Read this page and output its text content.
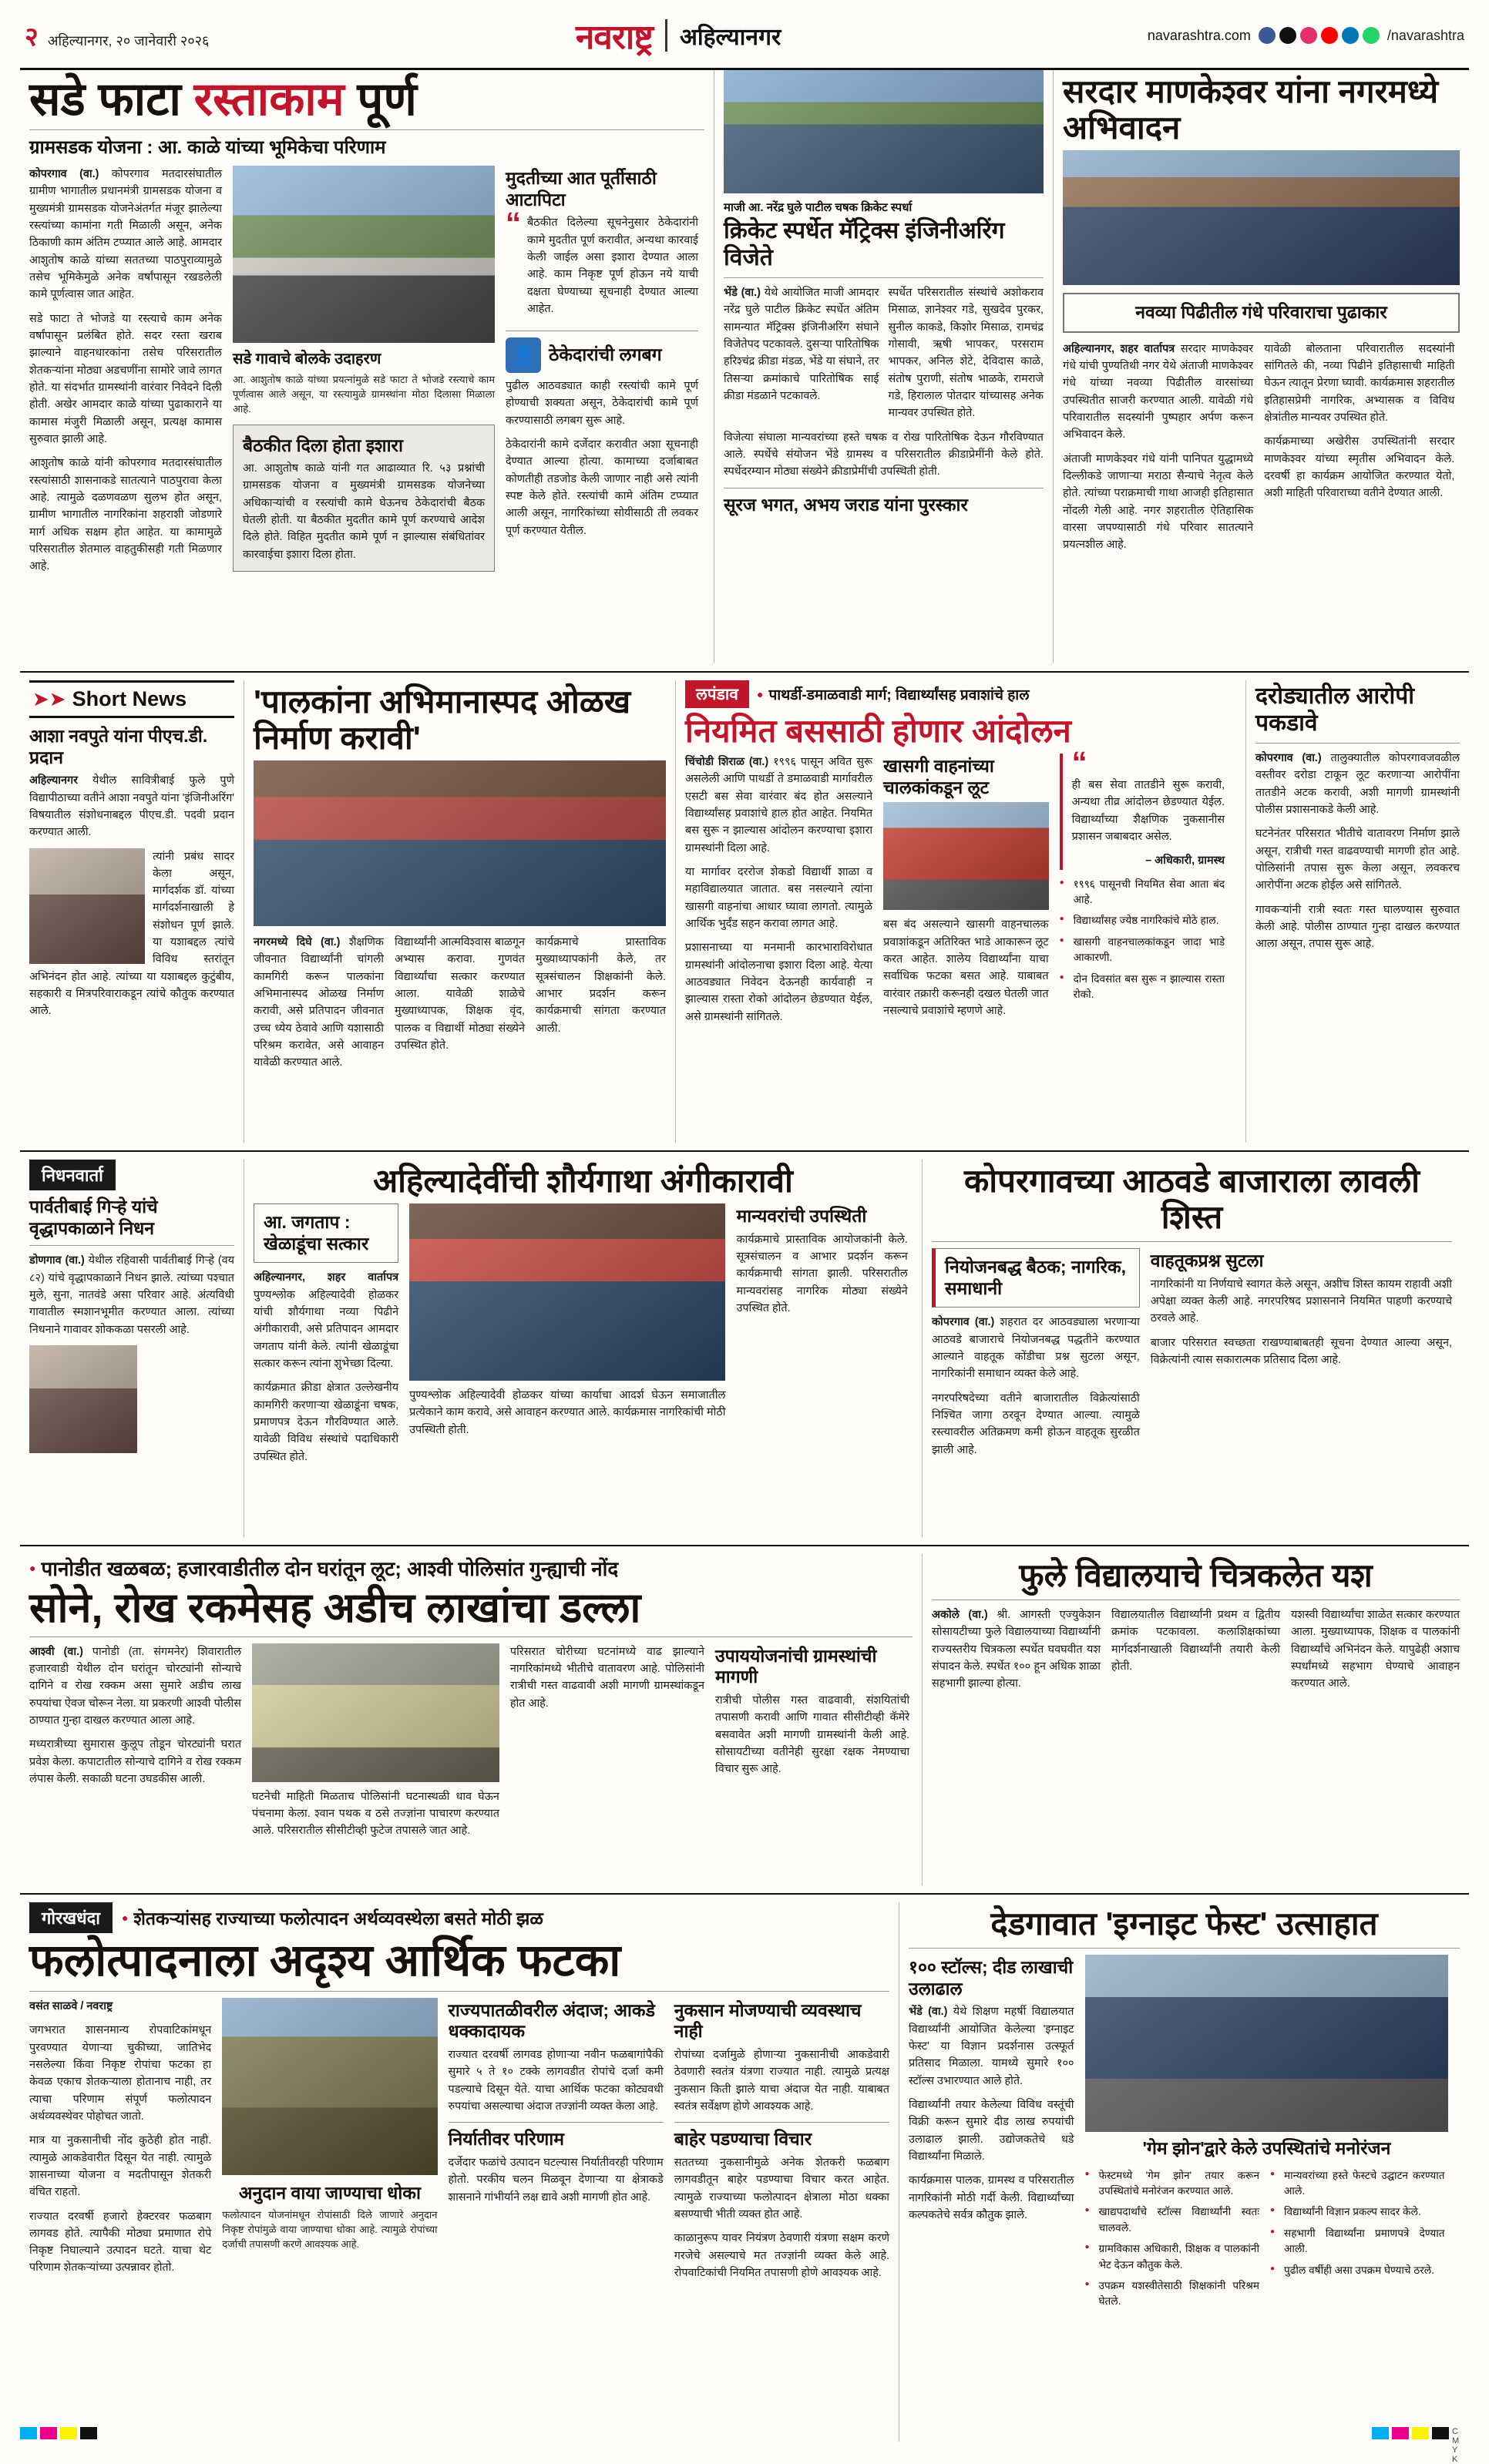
२ अहिल्यानगर, २० जानेवारी २०२६	नवराष्ट्र अहिल्यानगर	navarashtra.com	/navarashtra
सडे फाटा रस्ताकाम पूर्ण
ग्रामसडक योजना : आ. काळे यांच्या भूमिकेचा परिणाम

कोपरगाव (वा.) कोपरगाव मतदारसंघातील ग्रामीण भागातील प्रधानमंत्री ग्रामसडक योजना व मुख्यमंत्री ग्रामसडक योजनेअंतर्गत मंजूर झालेल्या रस्त्यांच्या कामांना गती मिळाली असून, अनेक ठिकाणी काम अंतिम टप्प्यात आले आहे. आमदार आशुतोष काळे यांच्या सततच्या पाठपुराव्यामुळे तसेच भूमिकेमुळे अनेक वर्षांपासून रखडलेली कामे पूर्णत्वास जात आहेत.

सडे फाटा ते भोजडे या रस्त्याचे काम अनेक वर्षांपासून प्रलंबित होते. सदर रस्ता खराब झाल्याने वाहनधारकांना तसेच परिसरातील शेतकऱ्यांना मोठ्या अडचणींना सामोरे जावे लागत होते. या संदर्भात ग्रामस्थांनी वारंवार निवेदने दिली होती. अखेर आमदार काळे यांच्या पुढाकाराने या कामास मंजुरी मिळाली असून, प्रत्यक्ष कामास सुरुवात झाली आहे.

आशुतोष काळे यांनी कोपरगाव मतदारसंघातील रस्त्यांसाठी शासनाकडे सातत्याने पाठपुरावा केला आहे. त्यामुळे दळणवळण सुलभ होत असून, ग्रामीण भागातील नागरिकांना शहराशी जोडणारे मार्ग अधिक सक्षम होत आहेत. या कामामुळे परिसरातील शेतमाल वाहतुकीसही गती मिळणार आहे.

सडे गावाचे बोलके उदाहरण
आ. आशुतोष काळे यांच्या प्रयत्नांमुळे सडे फाटा ते भोजडे रस्त्याचे काम पूर्णत्वास आले असून, या रस्त्यामुळे ग्रामस्थांना मोठा दिलासा मिळाला आहे.
बैठकीत दिला होता इशारा

आ. आशुतोष काळे यांनी गत आढाव्यात रि. ५३ प्रश्नांची ग्रामसडक योजना व मुख्यमंत्री ग्रामसडक योजनेच्या अधिकाऱ्यांची व रस्त्यांची कामे घेऊनच ठेकेदारांची बैठक घेतली होती. या बैठकीत मुदतीत कामे पूर्ण करण्याचे आदेश दिले होते. विहित मुदतीत कामे पूर्ण न झाल्यास संबंधितांवर कारवाईचा इशारा दिला होता.

मुदतीच्या आत पूर्तीसाठी आटापिटा
“ बैठकीत दिलेल्या सूचनेनुसार ठेकेदारांनी कामे मुदतीत पूर्ण करावीत, अन्यथा कारवाई केली जाईल असा इशारा देण्यात आला आहे. काम निकृष्ट पूर्ण होऊन नये याची दक्षता घेण्याच्या सूचनाही देण्यात आल्या आहेत.

👤 ठेकेदारांची लगबग

पुढील आठवड्यात काही रस्त्यांची कामे पूर्ण होण्याची शक्यता असून, ठेकेदारांची कामे पूर्ण करण्यासाठी लगबग सुरू आहे.

ठेकेदारांनी कामे दर्जेदार करावीत अशा सूचनाही देण्यात आल्या होत्या. कामाच्या दर्जाबाबत कोणतीही तडजोड केली जाणार नाही असे त्यांनी स्पष्ट केले होते. रस्त्यांची कामे अंतिम टप्प्यात आली असून, नागरिकांच्या सोयीसाठी ती लवकर पूर्ण करण्यात येतील.

माजी आ. नरेंद्र घुले पाटील चषक क्रिकेट स्पर्धा
क्रिकेट स्पर्धेत मॅट्रिक्स इंजिनीअरिंग विजेते

भेंडे (वा.) येथे आयोजित माजी आमदार नरेंद्र घुले पाटील क्रिकेट स्पर्धेत अंतिम सामन्यात मॅट्रिक्स इंजिनीअरिंग संघाने विजेतेपद पटकावले. दुसऱ्या पारितोषिक हरिश्चंद्र क्रीडा मंडळ, भेंडे या संघाने, तर तिसऱ्या क्रमांकाचे पारितोषिक साई क्रीडा मंडळाने पटकावले.

स्पर्धेत परिसरातील संस्थांचे अशोकराव मिसाळ, ज्ञानेश्वर गडे, सुखदेव पुरकर, सुनील काकडे, किशोर मिसाळ, रामचंद्र गोसावी, ऋषी भापकर, परसराम भापकर, अनिल शेटे, देविदास काळे, संतोष पुराणी, संतोष भाळके, रामराजे गडे, हिरालाल पोतदार यांच्यासह अनेक मान्यवर उपस्थित होते.

विजेत्या संघाला मान्यवरांच्या हस्ते चषक व रोख पारितोषिक देऊन गौरविण्यात आले. स्पर्धेचे संयोजन भेंडे ग्रामस्थ व परिसरातील क्रीडाप्रेमींनी केले होते. स्पर्धेदरम्यान मोठ्या संख्येने क्रीडाप्रेमींची उपस्थिती होती.

सूरज भगत, अभय जराड यांना पुरस्कार
सरदार माणकेश्वर यांना नगरमध्ये अभिवादन
नवव्या पिढीतील गंधे परिवाराचा पुढाकार

अहिल्यानगर, शहर वार्तापत्र सरदार माणकेश्वर गंधे यांची पुण्यतिथी नगर येथे अंताजी माणकेश्वर गंधे यांच्या नवव्या पिढीतील वारसांच्या उपस्थितीत साजरी करण्यात आली. यावेळी गंधे परिवारातील सदस्यांनी पुष्पहार अर्पण करून अभिवादन केले.

अंताजी माणकेश्वर गंधे यांनी पानिपत युद्धामध्ये दिल्लीकडे जाणाऱ्या मराठा सैन्याचे नेतृत्व केले होते. त्यांच्या पराक्रमाची गाथा आजही इतिहासात नोंदली गेली आहे. नगर शहरातील ऐतिहासिक वारसा जपण्यासाठी गंधे परिवार सातत्याने प्रयत्नशील आहे.

यावेळी बोलताना परिवारातील सदस्यांनी सांगितले की, नव्या पिढीने इतिहासाची माहिती घेऊन त्यातून प्रेरणा घ्यावी. कार्यक्रमास शहरातील इतिहासप्रेमी नागरिक, अभ्यासक व विविध क्षेत्रांतील मान्यवर उपस्थित होते.

कार्यक्रमाच्या अखेरीस उपस्थितांनी सरदार माणकेश्वर यांच्या स्मृतीस अभिवादन केले. दरवर्षी हा कार्यक्रम आयोजित करण्यात येतो, अशी माहिती परिवाराच्या वतीने देण्यात आली.

➤➤ Short News
आशा नवपुते यांना पीएच.डी. प्रदान

अहिल्यानगर येथील सावित्रीबाई फुले पुणे विद्यापीठाच्या वतीने आशा नवपुते यांना 'इंजिनीअरिंग' विषयातील संशोधनाबद्दल पीएच.डी. पदवी प्रदान करण्यात आली.

त्यांनी प्रबंध सादर केला असून, मार्गदर्शक डॉ. यांच्या मार्गदर्शनाखाली हे संशोधन पूर्ण झाले. या यशाबद्दल त्यांचे विविध स्तरांतून अभिनंदन होत आहे. त्यांच्या या यशाबद्दल कुटुंबीय, सहकारी व मित्रपरिवाराकडून त्यांचे कौतुक करण्यात आले.

'पालकांना अभिमानास्पद ओळख निर्माण करावी'

नगरमध्ये दिघे (वा.) शैक्षणिक जीवनात विद्यार्थ्यांनी चांगली कामगिरी करून पालकांना अभिमानास्पद ओळख निर्माण करावी, असे प्रतिपादन जीवनात उच्च ध्येय ठेवावे आणि यशासाठी परिश्रम करावेत, असे आवाहन यावेळी करण्यात आले.

विद्यार्थ्यांनी आत्मविश्वास बाळगून अभ्यास करावा. गुणवंत विद्यार्थ्यांचा सत्कार करण्यात आला. यावेळी शाळेचे मुख्याध्यापक, शिक्षक वृंद, पालक व विद्यार्थी मोठ्या संख्येने उपस्थित होते.

कार्यक्रमाचे प्रास्ताविक मुख्याध्यापकांनी केले, तर सूत्रसंचालन शिक्षकांनी केले. आभार प्रदर्शन करून कार्यक्रमाची सांगता करण्यात आली.

लपंडाव	● पाथर्डी-डमाळवाडी मार्ग; विद्यार्थ्यांसह प्रवाशांचे हाल
नियमित बससाठी होणार आंदोलन

चिंचोडी शिराळ (वा.) १९९६ पासून अवित सुरू असलेली आणि पाथर्डी ते डमाळवाडी मार्गावरील एसटी बस सेवा वारंवार बंद होत असल्याने विद्यार्थ्यांसह प्रवाशांचे हाल होत आहेत. नियमित बस सुरू न झाल्यास आंदोलन करण्याचा इशारा ग्रामस्थांनी दिला आहे.

या मार्गावर दररोज शेकडो विद्यार्थी शाळा व महाविद्यालयात जातात. बस नसल्याने त्यांना खासगी वाहनांचा आधार घ्यावा लागतो. त्यामुळे आर्थिक भुर्दंड सहन करावा लागत आहे.

प्रशासनाच्या या मनमानी कारभाराविरोधात ग्रामस्थांनी आंदोलनाचा इशारा दिला आहे. येत्या आठवड्यात निवेदन देऊनही कार्यवाही न झाल्यास रास्ता रोको आंदोलन छेडण्यात येईल, असे ग्रामस्थांनी सांगितले.

खासगी वाहनांच्या चालकांकडून लूट

बस बंद असल्याने खासगी वाहनचालक प्रवाशांकडून अतिरिक्त भाडे आकारून लूट करत आहेत. शालेय विद्यार्थ्यांना याचा सर्वाधिक फटका बसत आहे. याबाबत वारंवार तक्रारी करूनही दखल घेतली जात नसल्याचे प्रवाशांचे म्हणणे आहे.

“

ही बस सेवा तातडीने सुरू करावी, अन्यथा तीव्र आंदोलन छेडण्यात येईल. विद्यार्थ्यांच्या शैक्षणिक नुकसानीस प्रशासन जबाबदार असेल.

– अधिकारी, ग्रामस्थ

● १९९६ पासूनची नियमित सेवा आता बंद आहे.
● विद्यार्थ्यांसह ज्येष्ठ नागरिकांचे मोठे हाल.
● खासगी वाहनचालकांकडून जादा भाडे आकारणी.
● दोन दिवसांत बस सुरू न झाल्यास रास्ता रोको.
दरोड्यातील आरोपी पकडावे

कोपरगाव (वा.) तालुक्यातील कोपरगावजवळील वस्तीवर दरोडा टाकून लूट करणाऱ्या आरोपींना तातडीने अटक करावी, अशी मागणी ग्रामस्थांनी पोलीस प्रशासनाकडे केली आहे.

घटनेनंतर परिसरात भीतीचे वातावरण निर्माण झाले असून, रात्रीची गस्त वाढवण्याची मागणी होत आहे. पोलिसांनी तपास सुरू केला असून, लवकरच आरोपींना अटक होईल असे सांगितले.

गावकऱ्यांनी रात्री स्वतः गस्त घालण्यास सुरुवात केली आहे. पोलीस ठाण्यात गुन्हा दाखल करण्यात आला असून, तपास सुरू आहे.

निधनवार्ता
पार्वतीबाई गिऱ्हे यांचे वृद्धापकाळाने निधन

डोणगाव (वा.) येथील रहिवासी पार्वतीबाई गिऱ्हे (वय ८२) यांचे वृद्धापकाळाने निधन झाले. त्यांच्या पश्चात मुले, सुना, नातवंडे असा परिवार आहे. अंत्यविधी गावातील स्मशानभूमीत करण्यात आला. त्यांच्या निधनाने गावावर शोककळा पसरली आहे.

अहिल्यादेवींची शौर्यगाथा अंगीकारावी
आ. जगताप : खेळाडूंचा सत्कार

अहिल्यानगर, शहर वार्तापत्र पुण्यश्लोक अहिल्यादेवी होळकर यांची शौर्यगाथा नव्या पिढीने अंगीकारावी, असे प्रतिपादन आमदार जगताप यांनी केले. त्यांनी खेळाडूंचा सत्कार करून त्यांना शुभेच्छा दिल्या.

कार्यक्रमात क्रीडा क्षेत्रात उल्लेखनीय कामगिरी करणाऱ्या खेळाडूंना चषक, प्रमाणपत्र देऊन गौरविण्यात आले. यावेळी विविध संस्थांचे पदाधिकारी उपस्थित होते.

पुण्यश्लोक अहिल्यादेवी होळकर यांच्या कार्याचा आदर्श घेऊन समाजातील प्रत्येकाने काम करावे, असे आवाहन करण्यात आले. कार्यक्रमास नागरिकांची मोठी उपस्थिती होती.

मान्यवरांची उपस्थिती

कार्यक्रमाचे प्रास्ताविक आयोजकांनी केले. सूत्रसंचालन व आभार प्रदर्शन करून कार्यक्रमाची सांगता झाली. परिसरातील मान्यवरांसह नागरिक मोठ्या संख्येने उपस्थित होते.

कोपरगावच्या आठवडे बाजाराला लावली शिस्त
नियोजनबद्ध बैठक; नागरिक, समाधानी

कोपरगाव (वा.) शहरात दर आठवड्याला भरणाऱ्या आठवडे बाजाराचे नियोजनबद्ध पद्धतीने करण्यात आल्याने वाहतूक कोंडीचा प्रश्न सुटला असून, नागरिकांनी समाधान व्यक्त केले आहे.

नगरपरिषदेच्या वतीने बाजारातील विक्रेत्यांसाठी निश्चित जागा ठरवून देण्यात आल्या. त्यामुळे रस्त्यावरील अतिक्रमण कमी होऊन वाहतूक सुरळीत झाली आहे.

वाहतूकप्रश्न सुटला

नागरिकांनी या निर्णयाचे स्वागत केले असून, अशीच शिस्त कायम राहावी अशी अपेक्षा व्यक्त केली आहे. नगरपरिषद प्रशासनाने नियमित पाहणी करण्याचे ठरवले आहे.

बाजार परिसरात स्वच्छता राखण्याबाबतही सूचना देण्यात आल्या असून, विक्रेत्यांनी त्यास सकारात्मक प्रतिसाद दिला आहे.

● पानोडीत खळबळ; हजारवाडीतील दोन घरांतून लूट; आश्वी पोलिसांत गुन्ह्याची नोंद
सोने, रोख रकमेसह अडीच लाखांचा डल्ला

आश्वी (वा.) पानोडी (ता. संगमनेर) शिवारातील हजारवाडी येथील दोन घरांतून चोरट्यांनी सोन्याचे दागिने व रोख रक्कम असा सुमारे अडीच लाख रुपयांचा ऐवज चोरून नेला. या प्रकरणी आश्वी पोलीस ठाण्यात गुन्हा दाखल करण्यात आला आहे.

मध्यरात्रीच्या सुमारास कुलूप तोडून चोरट्यांनी घरात प्रवेश केला. कपाटातील सोन्याचे दागिने व रोख रक्कम लंपास केली. सकाळी घटना उघडकीस आली.

घटनेची माहिती मिळताच पोलिसांनी घटनास्थळी धाव घेऊन पंचनामा केला. श्वान पथक व ठसे तज्ज्ञांना पाचारण करण्यात आले. परिसरातील सीसीटीव्ही फुटेज तपासले जात आहे.

परिसरात चोरीच्या घटनांमध्ये वाढ झाल्याने नागरिकांमध्ये भीतीचे वातावरण आहे. पोलिसांनी रात्रीची गस्त वाढवावी अशी मागणी ग्रामस्थांकडून होत आहे.

उपाययोजनांची ग्रामस्थांची मागणी

रात्रीची पोलीस गस्त वाढवावी, संशयितांची तपासणी करावी आणि गावात सीसीटीव्ही कॅमेरे बसवावेत अशी मागणी ग्रामस्थांनी केली आहे. सोसायटीच्या वतीनेही सुरक्षा रक्षक नेमण्याचा विचार सुरू आहे.

फुले विद्यालयाचे चित्रकलेत यश

अकोले (वा.) श्री. आगस्ती एज्युकेशन सोसायटीच्या फुले विद्यालयाच्या विद्यार्थ्यांनी राज्यस्तरीय चित्रकला स्पर्धेत घवघवीत यश संपादन केले. स्पर्धेत १०० हून अधिक शाळा सहभागी झाल्या होत्या.

विद्यालयातील विद्यार्थ्यांनी प्रथम व द्वितीय क्रमांक पटकावला. कलाशिक्षकांच्या मार्गदर्शनाखाली विद्यार्थ्यांनी तयारी केली होती.

यशस्वी विद्यार्थ्यांचा शाळेत सत्कार करण्यात आला. मुख्याध्यापक, शिक्षक व पालकांनी विद्यार्थ्यांचे अभिनंदन केले. यापुढेही अशाच स्पर्धांमध्ये सहभाग घेण्याचे आवाहन करण्यात आले.

गोरखधंदा	● शेतकऱ्यांसह राज्याच्या फलोत्पादन अर्थव्यवस्थेला बसते मोठी झळ
फलोत्पादनाला अदृश्य आर्थिक फटका

वसंत साळवे / नवराष्ट्र

जगभरात शासनमान्य रोपवाटिकांमधून पुरवण्यात येणाऱ्या चुकीच्या, जातिभेद नसलेल्या किंवा निकृष्ट रोपांचा फटका हा केवळ एकाच शेतकऱ्याला होतानाच नाही, तर त्याचा परिणाम संपूर्ण फलोत्पादन अर्थव्यवस्थेवर पोहोचत जातो.

मात्र या नुकसानीची नोंद कुठेही होत नाही. त्यामुळे आकडेवारीत दिसून येत नाही. त्यामुळे शासनाच्या योजना व मदतीपासून शेतकरी वंचित राहतो.

राज्यात दरवर्षी हजारो हेक्टरवर फळबाग लागवड होते. त्यापैकी मोठ्या प्रमाणात रोपे निकृष्ट निघाल्याने उत्पादन घटते. याचा थेट परिणाम शेतकऱ्यांच्या उत्पन्नावर होतो.

अनुदान वाया जाण्याचा धोका

फलोत्पादन योजनांमधून रोपांसाठी दिले जाणारे अनुदान निकृष्ट रोपांमुळे वाया जाण्याचा धोका आहे. त्यामुळे रोपांच्या दर्जाची तपासणी करणे आवश्यक आहे.

राज्यपातळीवरील अंदाज; आकडे धक्कादायक

राज्यात दरवर्षी लागवड होणाऱ्या नवीन फळबागांपैकी सुमारे ५ ते १० टक्के लागवडीत रोपांचे दर्जा कमी पडल्याचे दिसून येते. याचा आर्थिक फटका कोट्यवधी रुपयांचा असल्याचा अंदाज तज्ज्ञांनी व्यक्त केला आहे.

निर्यातीवर परिणाम

दर्जेदार फळांचे उत्पादन घटल्यास निर्यातीवरही परिणाम होतो. परकीय चलन मिळवून देणाऱ्या या क्षेत्राकडे शासनाने गांभीर्याने लक्ष द्यावे अशी मागणी होत आहे.

नुकसान मोजण्याची व्यवस्थाच नाही

रोपांच्या दर्जामुळे होणाऱ्या नुकसानीची आकडेवारी ठेवणारी स्वतंत्र यंत्रणा राज्यात नाही. त्यामुळे प्रत्यक्ष नुकसान किती झाले याचा अंदाज येत नाही. याबाबत स्वतंत्र सर्वेक्षण होणे आवश्यक आहे.

बाहेर पडण्याचा विचार

सततच्या नुकसानीमुळे अनेक शेतकरी फळबाग लागवडीतून बाहेर पडण्याचा विचार करत आहेत. त्यामुळे राज्याच्या फलोत्पादन क्षेत्राला मोठा धक्का बसण्याची भीती व्यक्त होत आहे.

काळानुरूप यावर नियंत्रण ठेवणारी यंत्रणा सक्षम करणे गरजेचे असल्याचे मत तज्ज्ञांनी व्यक्त केले आहे. रोपवाटिकांची नियमित तपासणी होणे आवश्यक आहे.

देडगावात 'इग्नाइट फेस्ट' उत्साहात
१०० स्टॉल्स; दीड लाखाची उलाढाल

भेंडे (वा.) येथे शिक्षण महर्षी विद्यालयात विद्यार्थ्यांनी आयोजित केलेल्या 'इग्नाइट फेस्ट' या विज्ञान प्रदर्शनास उत्स्फूर्त प्रतिसाद मिळाला. यामध्ये सुमारे १०० स्टॉल्स उभारण्यात आले होते.

विद्यार्थ्यांनी तयार केलेल्या विविध वस्तूंची विक्री करून सुमारे दीड लाख रुपयांची उलाढाल झाली. उद्योजकतेचे धडे विद्यार्थ्यांना मिळाले.

कार्यक्रमास पालक, ग्रामस्थ व परिसरातील नागरिकांनी मोठी गर्दी केली. विद्यार्थ्यांच्या कल्पकतेचे सर्वत्र कौतुक झाले.

'गेम झोन'द्वारे केले उपस्थितांचे मनोरंजन
● फेस्टमध्ये 'गेम झोन' तयार करून उपस्थितांचे मनोरंजन करण्यात आले.
● खाद्यपदार्थांचे स्टॉल्स विद्यार्थ्यांनी स्वतः चालवले.
● ग्रामविकास अधिकारी, शिक्षक व पालकांनी भेट देऊन कौतुक केले.
● उपक्रम यशस्वीतेसाठी शिक्षकांनी परिश्रम घेतले.
● मान्यवरांच्या हस्ते फेस्टचे उद्घाटन करण्यात आले.
● विद्यार्थ्यांनी विज्ञान प्रकल्प सादर केले.
● सहभागी विद्यार्थ्यांना प्रमाणपत्रे देण्यात आली.
● पुढील वर्षीही असा उपक्रम घेण्याचे ठरले.
C M Y K
